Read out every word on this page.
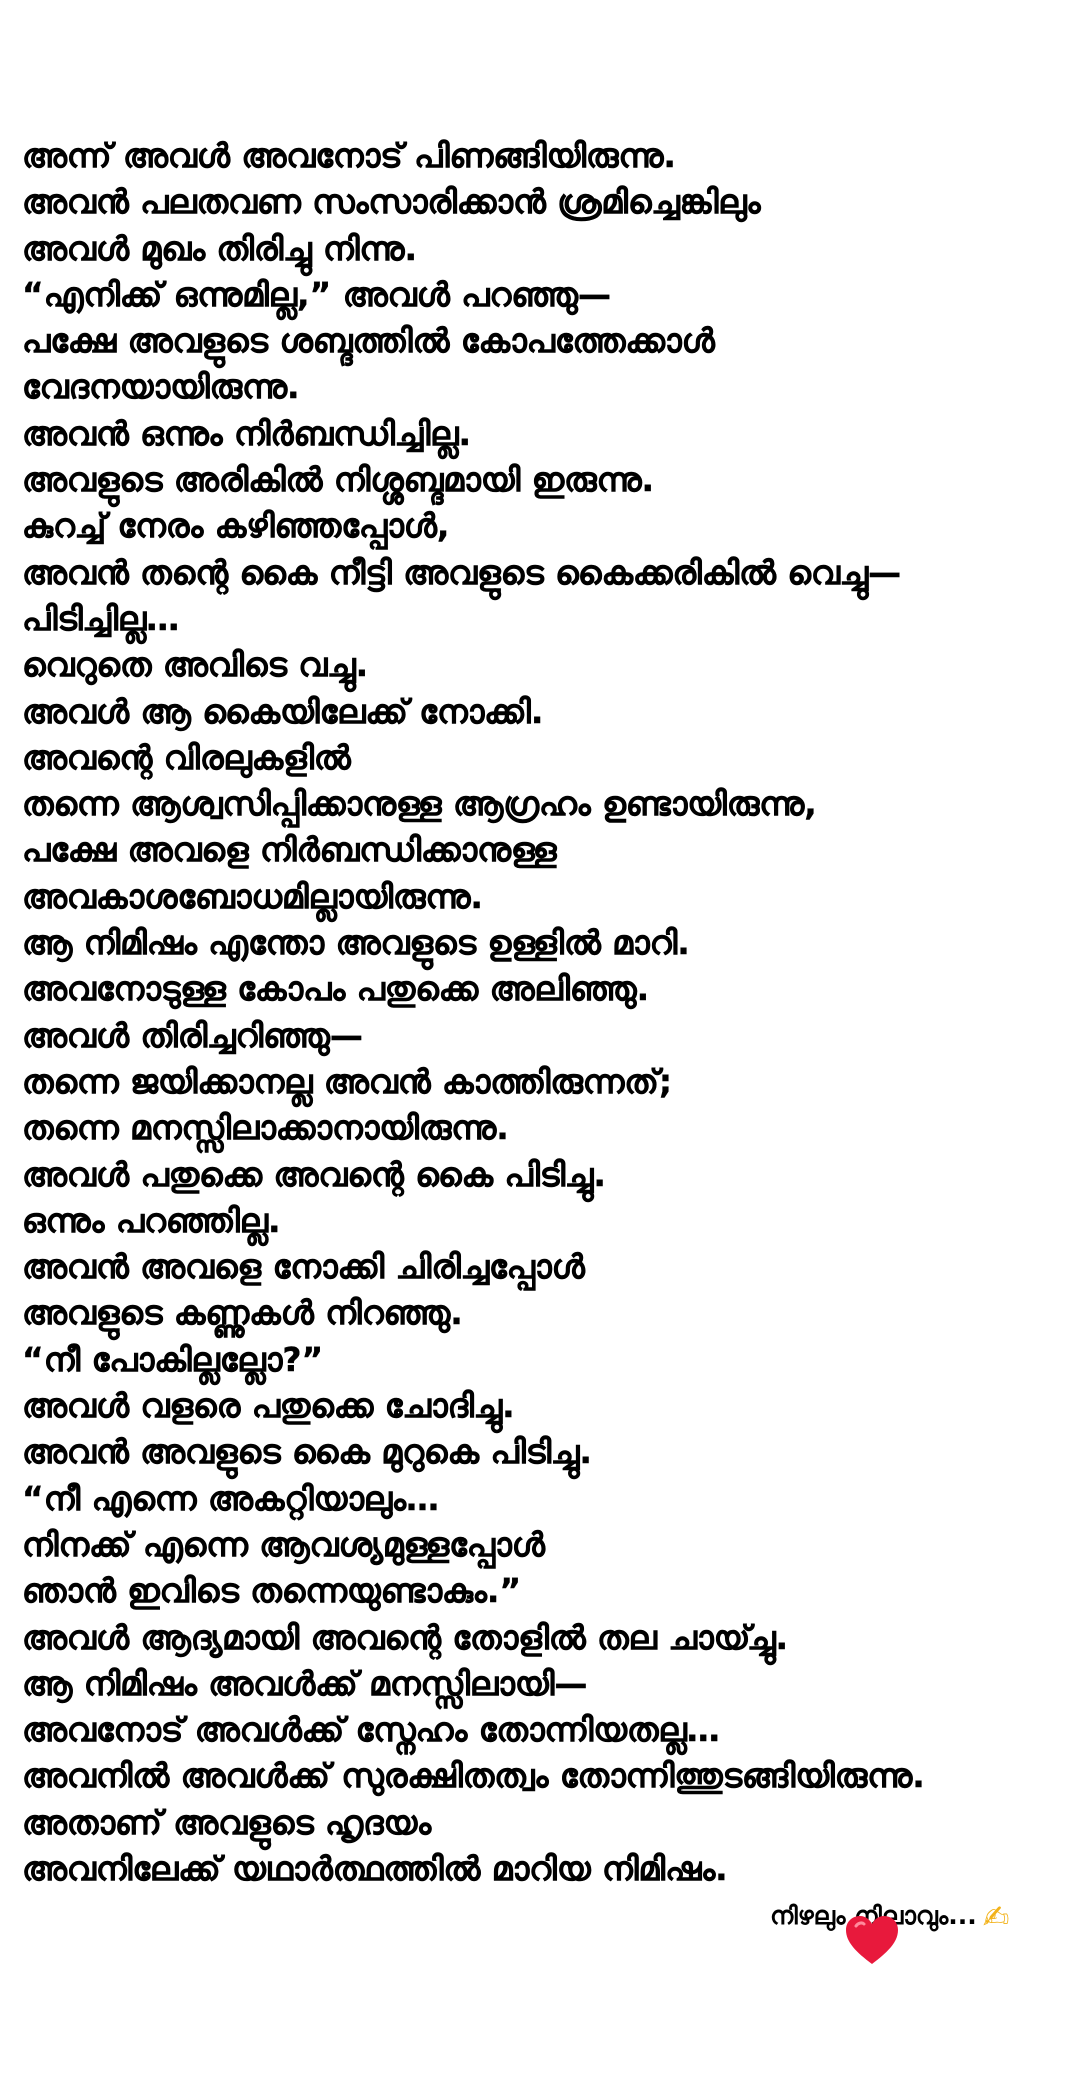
അന്ന് അവൾ അവനോട് പിണങ്ങിയിരുന്നു.
അവൻ പലതവണ സംസാരിക്കാൻ ശ്രമിച്ചെങ്കിലും
അവൾ മുഖം തിരിച്ചു നിന്നു.
“എനിക്ക് ഒന്നുമില്ല,” അവൾ പറഞ്ഞു—
പക്ഷേ അവളുടെ ശബ്ദത്തിൽ കോപത്തേക്കാൾ
വേദനയായിരുന്നു.
അവൻ ഒന്നും നിർബന്ധിച്ചില്ല.
അവളുടെ അരികിൽ നിശ്ശബ്ദമായി ഇരുന്നു.
കുറച്ച് നേരം കഴിഞ്ഞപ്പോൾ,
അവൻ തന്റെ കൈ നീട്ടി അവളുടെ കൈക്കരികിൽ വെച്ചു—
പിടിച്ചില്ല…
വെറുതെ അവിടെ വച്ചു.
അവൾ ആ കൈയിലേക്ക് നോക്കി.
അവന്റെ വിരലുകളിൽ
തന്നെ ആശ്വസിപ്പിക്കാനുള്ള ആഗ്രഹം ഉണ്ടായിരുന്നു,
പക്ഷേ അവളെ നിർബന്ധിക്കാനുള്ള
അവകാശബോധമില്ലായിരുന്നു.
ആ നിമിഷം എന്തോ അവളുടെ ഉള്ളിൽ മാറി.
അവനോടുള്ള കോപം പതുക്കെ അലിഞ്ഞു.
അവൾ തിരിച്ചറിഞ്ഞു—
തന്നെ ജയിക്കാനല്ല അവൻ കാത്തിരുന്നത്;
തന്നെ മനസ്സിലാക്കാനായിരുന്നു.
അവൾ പതുക്കെ അവന്റെ കൈ പിടിച്ചു.
ഒന്നും പറഞ്ഞില്ല.
അവൻ അവളെ നോക്കി ചിരിച്ചപ്പോൾ
അവളുടെ കണ്ണുകൾ നിറഞ്ഞു.
“നീ പോകില്ലല്ലോ?”
അവൾ വളരെ പതുക്കെ ചോദിച്ചു.
അവൻ അവളുടെ കൈ മുറുകെ പിടിച്ചു.
“നീ എന്നെ അകറ്റിയാലും…
നിനക്ക് എന്നെ ആവശ്യമുള്ളപ്പോൾ
ഞാൻ ഇവിടെ തന്നെയുണ്ടാകും.”
അവൾ ആദ്യമായി അവന്റെ തോളിൽ തല ചായ്ച്ചു.
ആ നിമിഷം അവൾക്ക് മനസ്സിലായി—
അവനോട് അവൾക്ക് സ്നേഹം തോന്നിയതല്ല…
അവനിൽ അവൾക്ക് സുരക്ഷിതത്വം തോന്നിത്തുടങ്ങിയിരുന്നു.
അതാണ് അവളുടെ ഹൃദയം
അവനിലേക്ക് യഥാർത്ഥത്തിൽ മാറിയ നിമിഷം.
നിഴലും നിലാവും... ✍
